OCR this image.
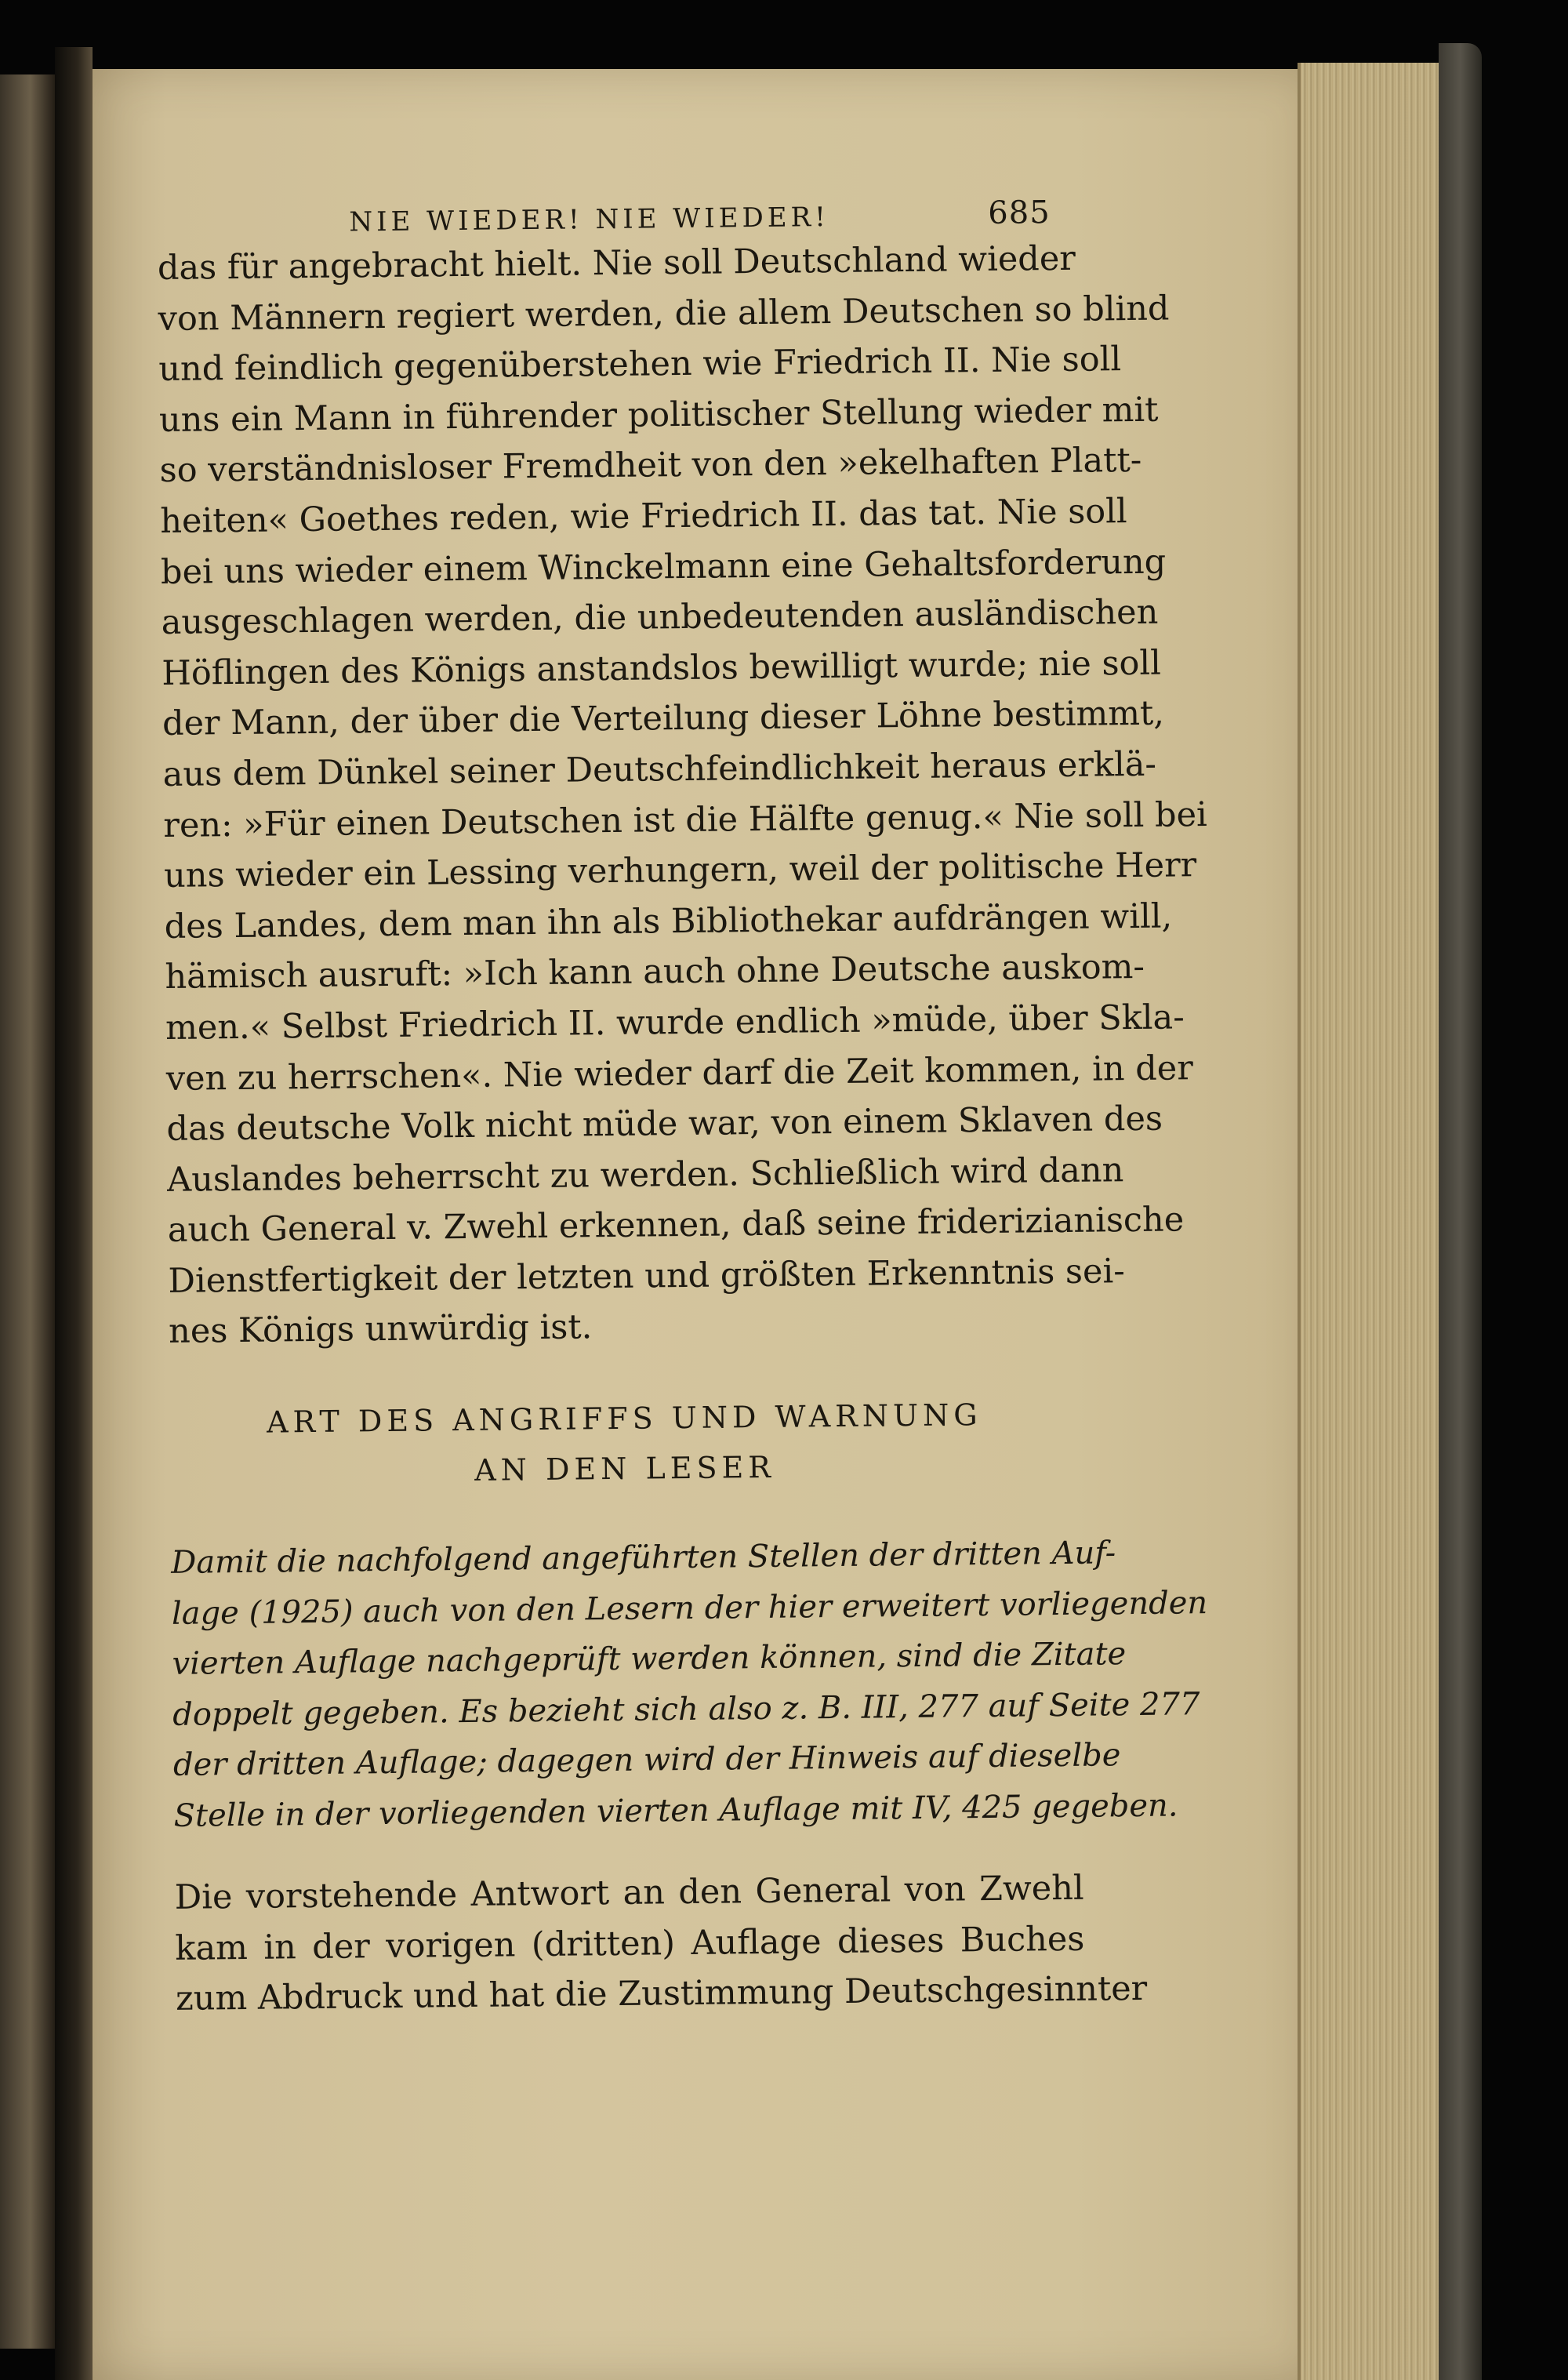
NIE WIEDER! NIE WIEDER!	685

das für angebracht hielt. Nie soll Deutschland wieder
von Männern regiert werden, die allem Deutschen so blind
und feindlich gegenüberstehen wie Friedrich II. Nie soll
uns ein Mann in führender politischer Stellung wieder mit
so verständnisloser Fremdheit von den »ekelhaften Platt-
heiten« Goethes reden, wie Friedrich II. das tat. Nie soll
bei uns wieder einem Winckelmann eine Gehaltsforderung
ausgeschlagen werden, die unbedeutenden ausländischen
Höflingen des Königs anstandslos bewilligt wurde; nie soll
der Mann, der über die Verteilung dieser Löhne bestimmt,
aus dem Dünkel seiner Deutschfeindlichkeit heraus erklä-
ren: »Für einen Deutschen ist die Hälfte genug.« Nie soll bei
uns wieder ein Lessing verhungern, weil der politische Herr
des Landes, dem man ihn als Bibliothekar aufdrängen will,
hämisch ausruft: »Ich kann auch ohne Deutsche auskom-
men.« Selbst Friedrich II. wurde endlich »müde, über Skla-
ven zu herrschen«. Nie wieder darf die Zeit kommen, in der
das deutsche Volk nicht müde war, von einem Sklaven des
Auslandes beherrscht zu werden. Schließlich wird dann
auch General v. Zwehl erkennen, daß seine friderizianische
Dienstfertigkeit der letzten und größten Erkenntnis sei-
nes Königs unwürdig ist.

ART DES ANGRIFFS UND WARNUNG
AN DEN LESER
Damit die nachfolgend angeführten Stellen der dritten Auf-
lage (1925) auch von den Lesern der hier erweitert vorliegenden
vierten Auflage nachgeprüft werden können, sind die Zitate
doppelt gegeben. Es bezieht sich also z. B. III, 277 auf Seite 277
der dritten Auflage; dagegen wird der Hinweis auf dieselbe
Stelle in der vorliegenden vierten Auflage mit IV, 425 gegeben.

Die vorstehende Antwort an den General von Zwehl
kam in der vorigen (dritten) Auflage dieses Buches
zum Abdruck und hat die Zustimmung Deutschgesinnter
